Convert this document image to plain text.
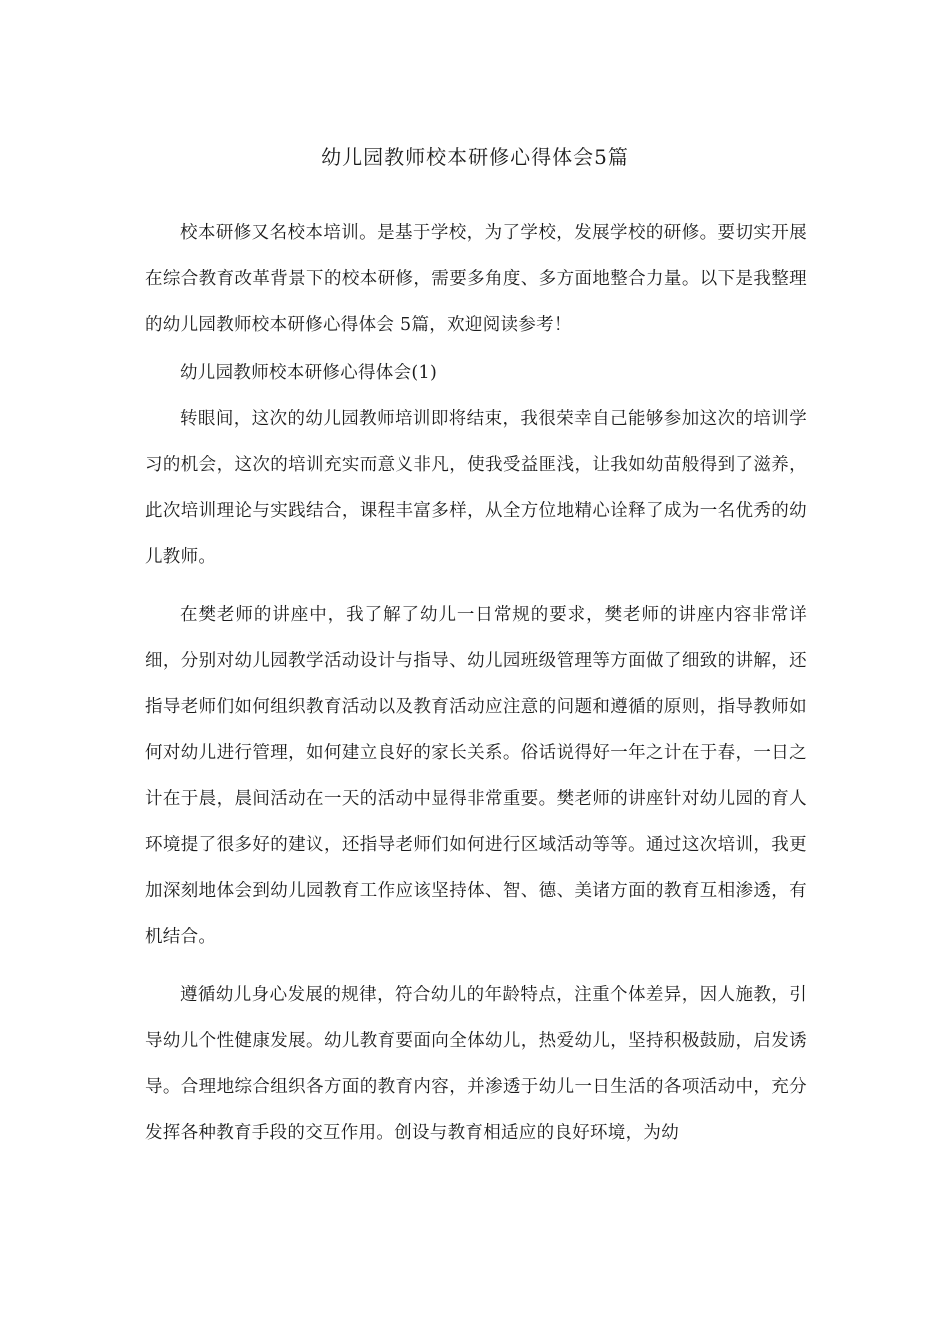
幼儿园教师校本研修心得体会5篇

校本研修又名校本培训。是基于学校，为了学校，发展学校的研修。要切实开展在综合教育改革背景下的校本研修，需要多角度、多方面地整合力量。以下是我整理的幼儿园教师校本研修心得体会 5篇，欢迎阅读参考！

幼儿园教师校本研修心得体会(1)

转眼间，这次的幼儿园教师培训即将结束，我很荣幸自己能够参加这次的培训学习的机会，这次的培训充实而意义非凡，使我受益匪浅，让我如幼苗般得到了滋养，此次培训理论与实践结合，课程丰富多样，从全方位地精心诠释了成为一名优秀的幼儿教师。

在樊老师的讲座中，我了解了幼儿一日常规的要求，樊老师的讲座内容非常详细，分别对幼儿园教学活动设计与指导、幼儿园班级管理等方面做了细致的讲解，还指导老师们如何组织教育活动以及教育活动应注意的问题和遵循的原则，指导教师如何对幼儿进行管理，如何建立良好的家长关系。俗话说得好一年之计在于春，一日之计在于晨，晨间活动在一天的活动中显得非常重要。樊老师的讲座针对幼儿园的育人环境提了很多好的建议，还指导老师们如何进行区域活动等等。通过这次培训，我更加深刻地体会到幼儿园教育工作应该坚持体、智、德、美诸方面的教育互相渗透，有机结合。

遵循幼儿身心发展的规律，符合幼儿的年龄特点，注重个体差异，因人施教，引导幼儿个性健康发展。幼儿教育要面向全体幼儿，热爱幼儿，坚持积极鼓励，启发诱导。合理地综合组织各方面的教育内容，并渗透于幼儿一日生活的各项活动中，充分发挥各种教育手段的交互作用。创设与教育相适应的良好环境，为幼
